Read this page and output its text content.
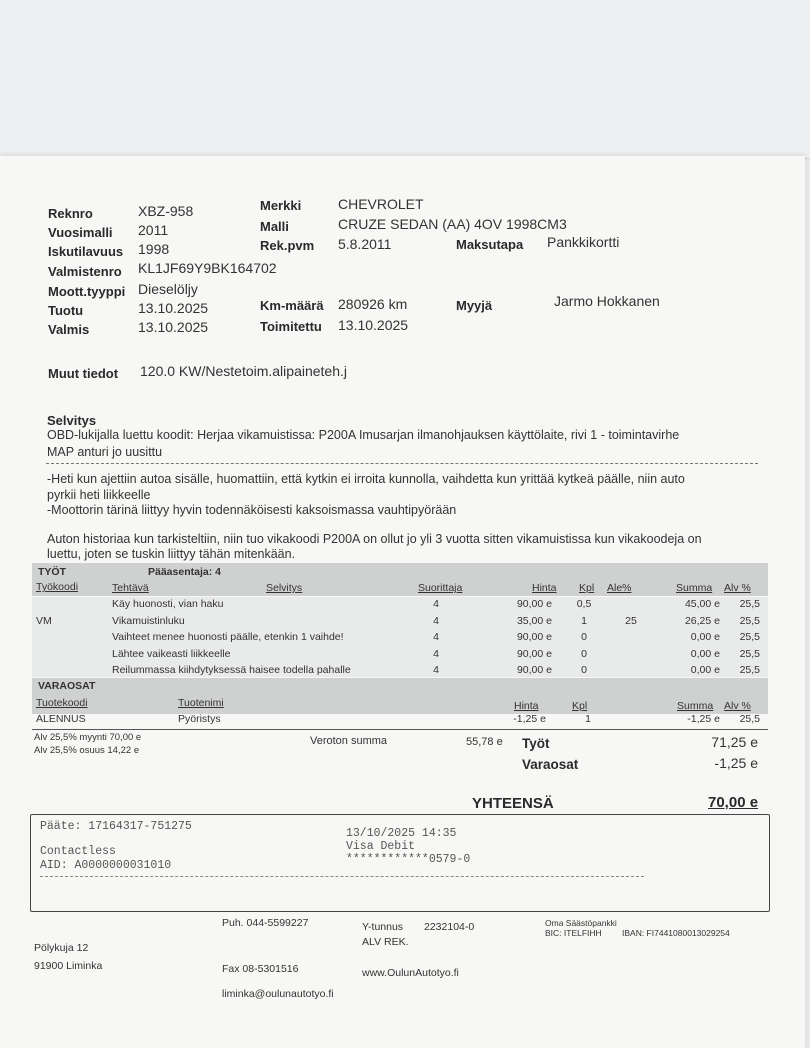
Reknro	XBZ-958
Vuosimalli 2011
Iskutilavuus 1998
Valmistenro KL1JF69Y9BK164702
Moott.tyyppi Dieselöljy
Tuotu	13.10.2025
Valmis	13.10.2025
Merkki	CHEVROLET
Malli	CRUZE SEDAN (AA) 4OV 1998CM3
Rek.pvm 5.8.2011
Km-määrä 280926 km
Toimitettu 13.10.2025
Maksutapa Pankkikortti
Myyjä	Jarmo Hokkanen
Muut tiedot 120.0 KW/Nestetoim.alipaineteh.j
Selvitys
OBD-lukijalla luettu koodit: Herjaa vikamuistissa: P200A Imusarjan ilmanohjauksen käyttölaite, rivi 1 - toimintavirhe
MAP anturi jo uusittu
-Heti kun ajettiin autoa sisälle, huomattiin, että kytkin ei irroita kunnolla, vaihdetta kun yrittää kytkeä päälle, niin auto
pyrkii heti liikkeelle
-Moottorin tärinä liittyy hyvin todennäköisesti kaksoismassa vauhtipyörään
Auton historiaa kun tarkisteltiin, niin tuo vikakoodi P200A on ollut jo yli 3 vuotta sitten vikamuistissa kun vikakoodeja on
luettu, joten se tuskin liittyy tähän mitenkään.
TYÖT	Pääasentaja: 4
Työkoodi	Tehtävä	Selvitys	Suorittaja	Hinta Kpl Ale%	Summa Alv %
Käy huonosti, vian haku	4	90,00 e	0,5	45,00 e	25,5
VM	Vikamuistinluku	4	35,00 e	1	25	26,25 e	25,5
Vaihteet menee huonosti päälle, etenkin 1 vaihde!	4	90,00 e	0	0,00 e	25,5
Lähtee vaikeasti liikkeelle	4	90,00 e	0	0,00 e	25,5
Reilummassa kiihdytyksessä haisee todella pahalle	4	90,00 e	0	0,00 e	25,5
VARAOSAT
Tuotekoodi	Tuotenimi	Hinta	Kpl	Summa Alv %
ALENNUS	Pyöristys	-1,25 e	1	-1,25 e	25,5
Alv 25,5% myynti 70,00 e
Alv 25,5% osuus 14,22 e
Veroton summa	55,78 e Työt	71,25 e
Varaosat	-1,25 e
YHTEENSÄ	70,00 e
Pääte: 17164317-751275
Contactless
AID: A0000000031010
13/10/2025 14:35
Visa Debit
************0579-0
Pölykuja 12
91900 Liminka
Puh. 044-5599227
Fax 08-5301516
liminka@oulunautotyo.fi
Y-tunnus 2232104-0
ALV REK.
www.OulunAutotyo.fi
Oma Säästöpankki
BIC: ITELFIHH IBAN: FI7441080013029254
